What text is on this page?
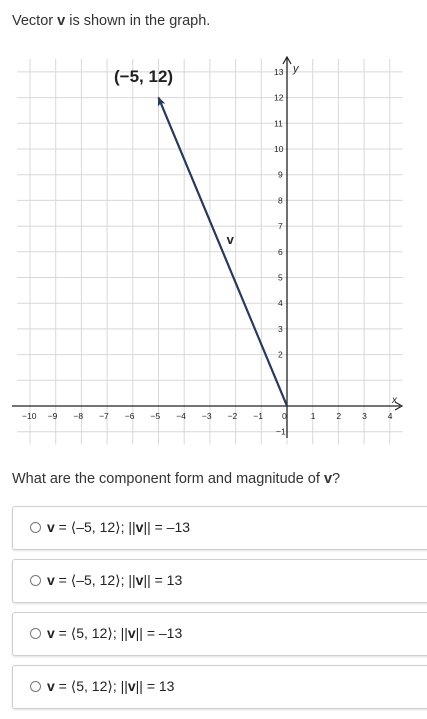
Vector v is shown in the graph.
x
y
−10 −9 −8 −7 −6 −5 −4 −3 −2 −1 0	1 2 3 4
−1
2
3
4
5
6
7
8
9
10
11
12
13
v
(−5, 12)
What are the component form and magnitude of v?
v = ⟨–5, 12⟩; ||v|| = –13
v = ⟨–5, 12⟩; ||v|| = 13
v = ⟨5, 12⟩; ||v|| = –13
v = ⟨5, 12⟩; ||v|| = 13
